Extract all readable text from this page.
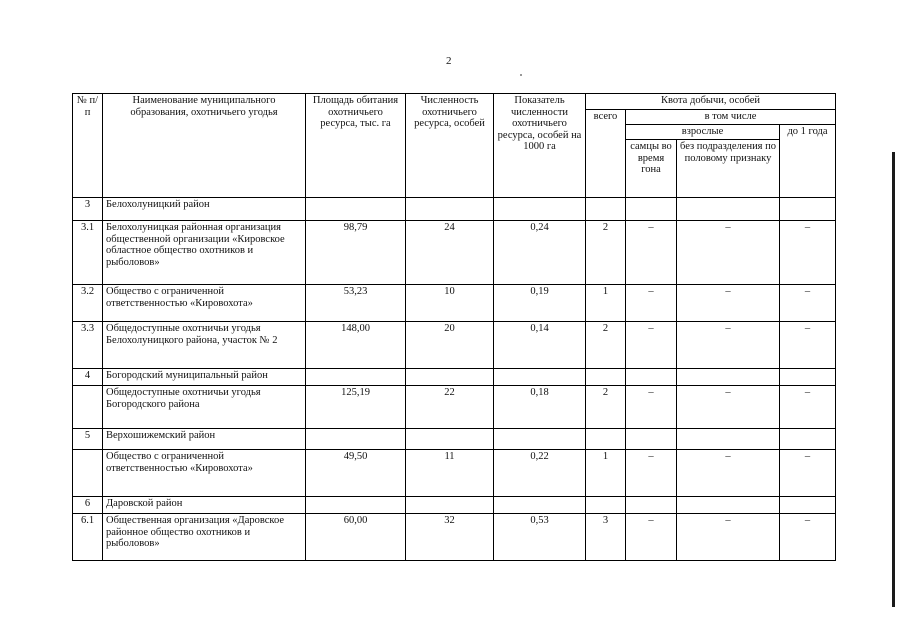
2
№ п/п	Наименование муниципального образования, охотничьего угодья	Площадь обитания охотничьего ресурса, тыс. га	Численность охотничьего ресурса, особей	Показатель численности охотничьего ресурса, особей на 1000 га	Квота добычи, особей			
					всего	в том числе		
						взрослые		до 1 года
						самцы во время гона	без подразделения по половому признаку	
3	Белохолуницкий район							
3.1	Белохолуницкая районная организация общественной организации «Кировское областное общество охотников и рыболовов»	98,79	24	0,24	2	–	–	–
3.2	Общество с ограниченной ответственностью «Кировохота»	53,23	10	0,19	1	–	–	–
3.3	Общедоступные охотничьи угодья Белохолуницкого района, участок № 2	148,00	20	0,14	2	–	–	–
4	Богородский муниципальный район							
	Общедоступные охотничьи угодья Богородского района	125,19	22	0,18	2	–	–	–
5	Верхошижемский район							
	Общество с ограниченной ответственностью «Кировохота»	49,50	11	0,22	1	–	–	–
6	Даровской район							
6.1	Общественная организация «Даровское районное общество охотников и рыболовов»	60,00	32	0,53	3	–	–	–
